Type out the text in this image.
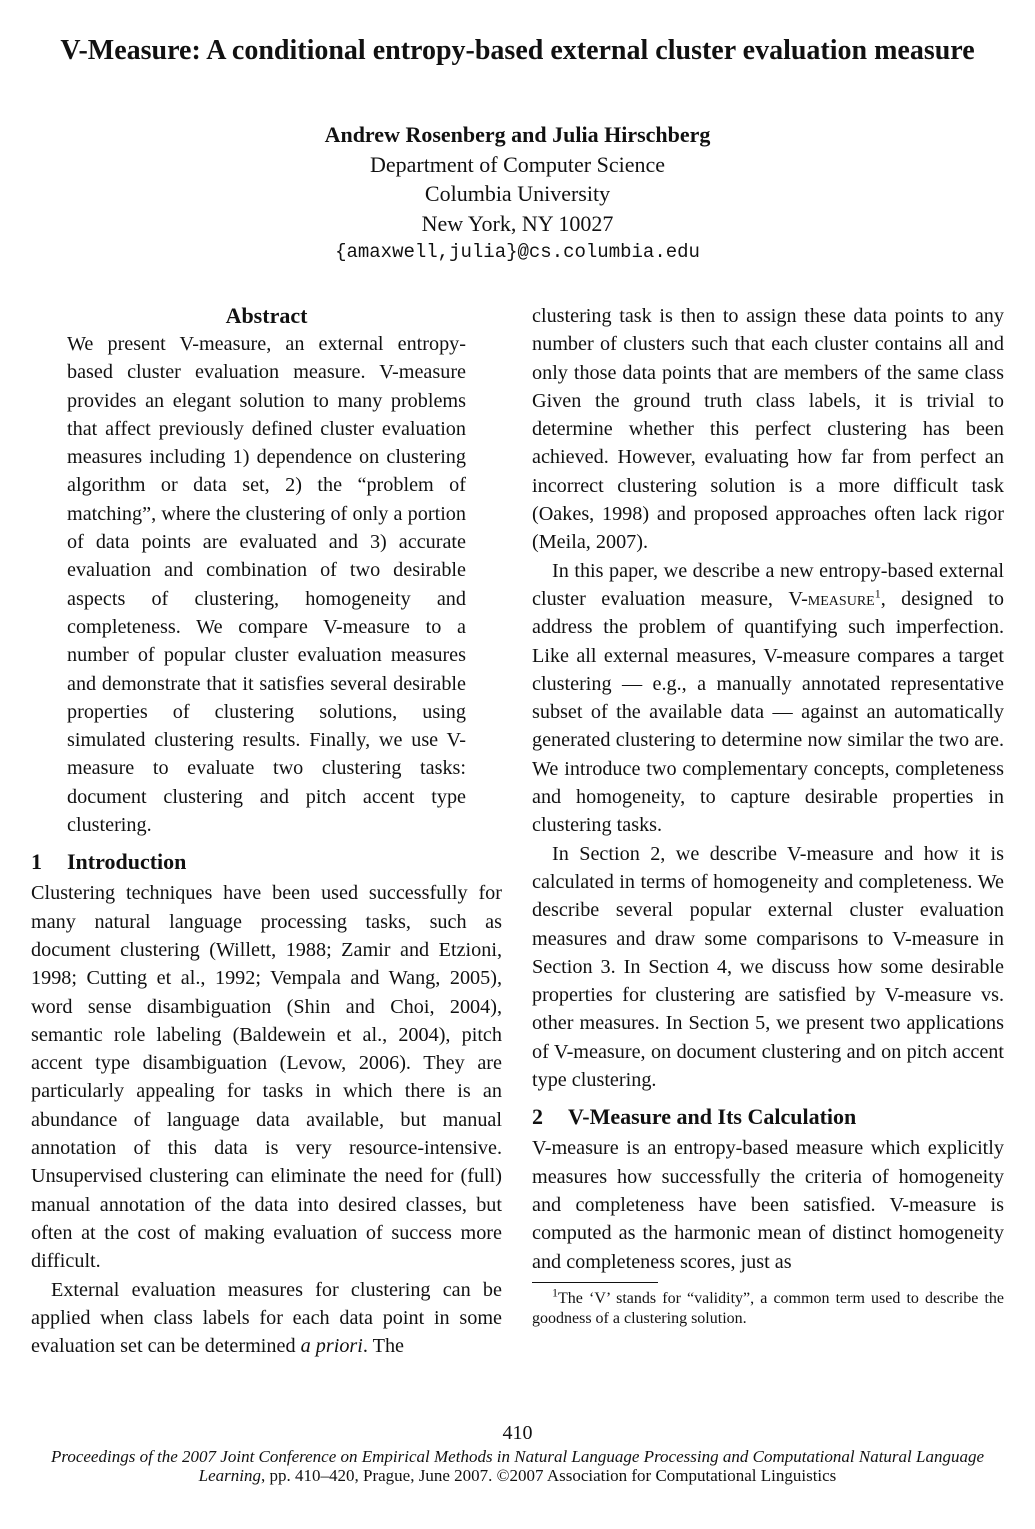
V-Measure: A conditional entropy-based external cluster evaluation measure
Andrew Rosenberg and Julia Hirschberg
Department of Computer Science
Columbia University
New York, NY 10027
{amaxwell,julia}@cs.columbia.edu
Abstract

We present V-measure, an external entropy-based cluster evaluation measure. V-measure provides an elegant solution to many problems that affect previously defined cluster evaluation measures including 1) dependence on clustering algorithm or data set, 2) the “problem of matching”, where the clustering of only a portion of data points are evaluated and 3) accurate evaluation and combination of two desirable aspects of clustering, homogeneity and completeness. We compare V-measure to a number of popular cluster evaluation measures and demonstrate that it satisfies several desirable properties of clustering solutions, using simulated clustering results. Finally, we use V-measure to evaluate two clustering tasks: document clustering and pitch accent type clustering.

1 Introduction

Clustering techniques have been used successfully for many natural language processing tasks, such as document clustering (Willett, 1988; Zamir and Etzioni, 1998; Cutting et al., 1992; Vempala and Wang, 2005), word sense disambiguation (Shin and Choi, 2004), semantic role labeling (Baldewein et al., 2004), pitch accent type disambiguation (Levow, 2006). They are particularly appealing for tasks in which there is an abundance of language data available, but manual annotation of this data is very resource-intensive. Unsupervised clustering can eliminate the need for (full) manual annotation of the data into desired classes, but often at the cost of making evaluation of success more difficult.

External evaluation measures for clustering can be applied when class labels for each data point in some evaluation set can be determined a priori. The

clustering task is then to assign these data points to any number of clusters such that each cluster contains all and only those data points that are members of the same class Given the ground truth class labels, it is trivial to determine whether this perfect clustering has been achieved. However, evaluating how far from perfect an incorrect clustering solution is a more difficult task (Oakes, 1998) and proposed approaches often lack rigor (Meila, 2007).

In this paper, we describe a new entropy-based external cluster evaluation measure, V-measure$^1$, designed to address the problem of quantifying such imperfection. Like all external measures, V-measure compares a target clustering — e.g., a manually annotated representative subset of the available data — against an automatically generated clustering to determine now similar the two are. We introduce two complementary concepts, completeness and homogeneity, to capture desirable properties in clustering tasks.

In Section 2, we describe V-measure and how it is calculated in terms of homogeneity and completeness. We describe several popular external cluster evaluation measures and draw some comparisons to V-measure in Section 3. In Section 4, we discuss how some desirable properties for clustering are satisfied by V-measure vs. other measures. In Section 5, we present two applications of V-measure, on document clustering and on pitch accent type clustering.

2 V-Measure and Its Calculation

V-measure is an entropy-based measure which explicitly measures how successfully the criteria of homogeneity and completeness have been satisfied. V-measure is computed as the harmonic mean of distinct homogeneity and completeness scores, just as

$^1$The ‘V’ stands for “validity”, a common term used to describe the goodness of a clustering solution.
410
Proceedings of the 2007 Joint Conference on Empirical Methods in Natural Language Processing and Computational Natural Language Learning, pp. 410–420, Prague, June 2007. ©2007 Association for Computational Linguistics
